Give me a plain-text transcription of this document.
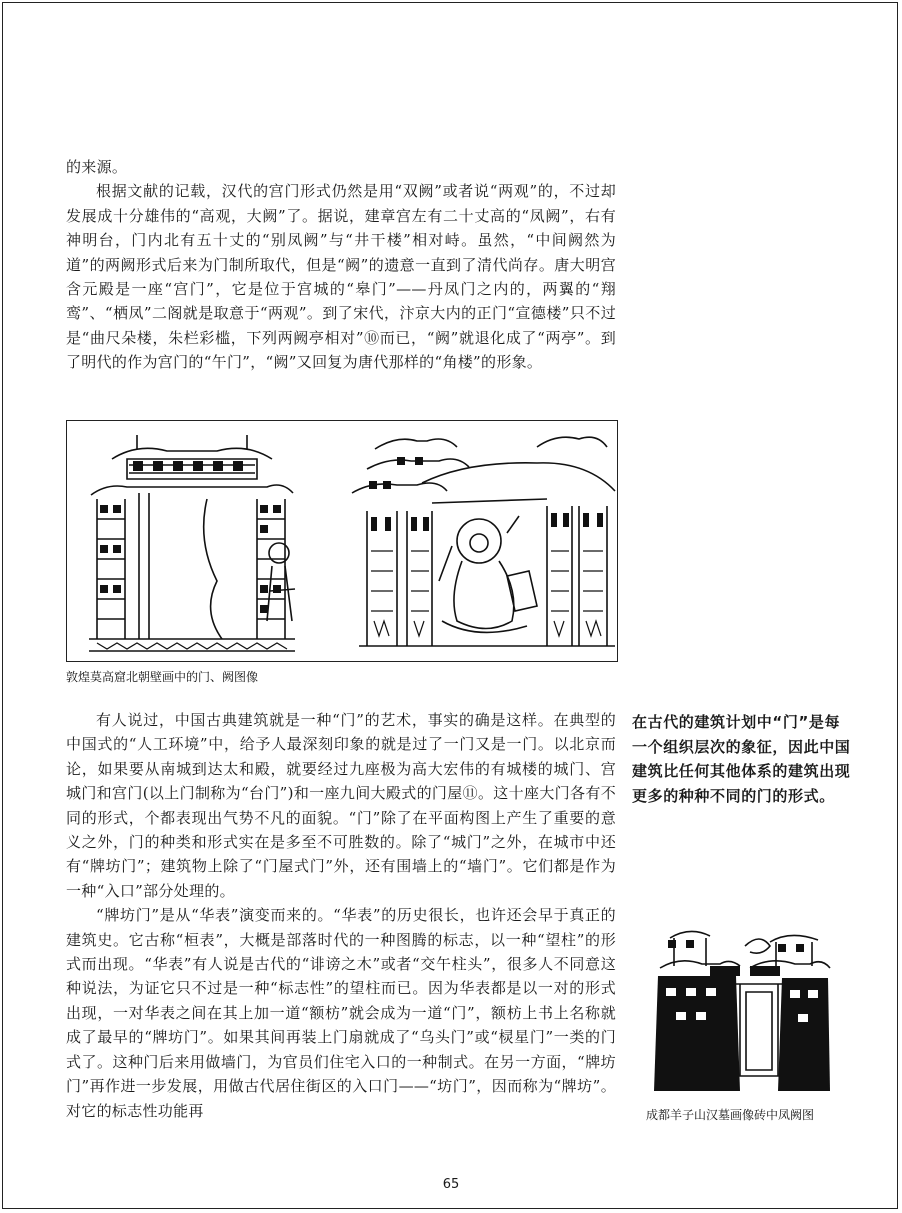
的来源。

根据文献的记载，汉代的宫门形式仍然是用“双阙”或者说“两观”的，不过却发展成十分雄伟的“高观，大阙”了。据说，建章宫左有二十丈高的“凤阙”，右有神明台，门内北有五十丈的“别凤阙”与“井干楼”相对峙。虽然，“中间阙然为道”的两阙形式后来为门制所取代，但是“阙”的遗意一直到了清代尚存。唐大明宫含元殿是一座“宫门”，它是位于宫城的“皋门”——丹凤门之内的，两翼的“翔鸾”、“栖凤”二阁就是取意于“两观”。到了宋代，汴京大内的正门“宣德楼”只不过是“曲尺朵楼，朱栏彩槛，下列两阙亭相对”⑩而已，“阙”就退化成了“两亭”。到了明代的作为宫门的“午门”，“阙”又回复为唐代那样的“角楼”的形象。

敦煌莫高窟北朝壁画中的门、阙图像

有人说过，中国古典建筑就是一种“门”的艺术，事实的确是这样。在典型的中国式的“人工环境”中，给予人最深刻印象的就是过了一门又是一门。以北京而论，如果要从南城到达太和殿，就要经过九座极为高大宏伟的有城楼的城门、宫城门和宫门(以上门制称为“台门”)和一座九间大殿式的门屋⑪。这十座大门各有不同的形式，个都表现出气势不凡的面貌。“门”除了在平面构图上产生了重要的意义之外，门的种类和形式实在是多至不可胜数的。除了“城门”之外，在城市中还有“牌坊门”；建筑物上除了“门屋式门”外，还有围墙上的“墙门”。它们都是作为一种“入口”部分处理的。

“牌坊门”是从“华表”演变而来的。“华表”的历史很长，也许还会早于真正的建筑史。它古称“桓表”，大概是部落时代的一种图腾的标志，以一种“望柱”的形式而出现。“华表”有人说是古代的“诽谤之木”或者“交午柱头”，很多人不同意这种说法，为证它只不过是一种“标志性”的望柱而已。因为华表都是以一对的形式出现，一对华表之间在其上加一道“额枋”就会成为一道“门”，额枋上书上名称就成了最早的“牌坊门”。如果其间再装上门扇就成了“乌头门”或“棂星门”一类的门式了。这种门后来用做墙门，为官员们住宅入口的一种制式。在另一方面，“牌坊门”再作进一步发展，用做古代居住街区的入口门——“坊门”，因而称为“牌坊”。对它的标志性功能再

在古代的建筑计划中“门”是每一个组织层次的象征，因此中国建筑比任何其他体系的建筑出现更多的种种不同的门的形式。
成都羊子山汉墓画像砖中凤阙图
65
